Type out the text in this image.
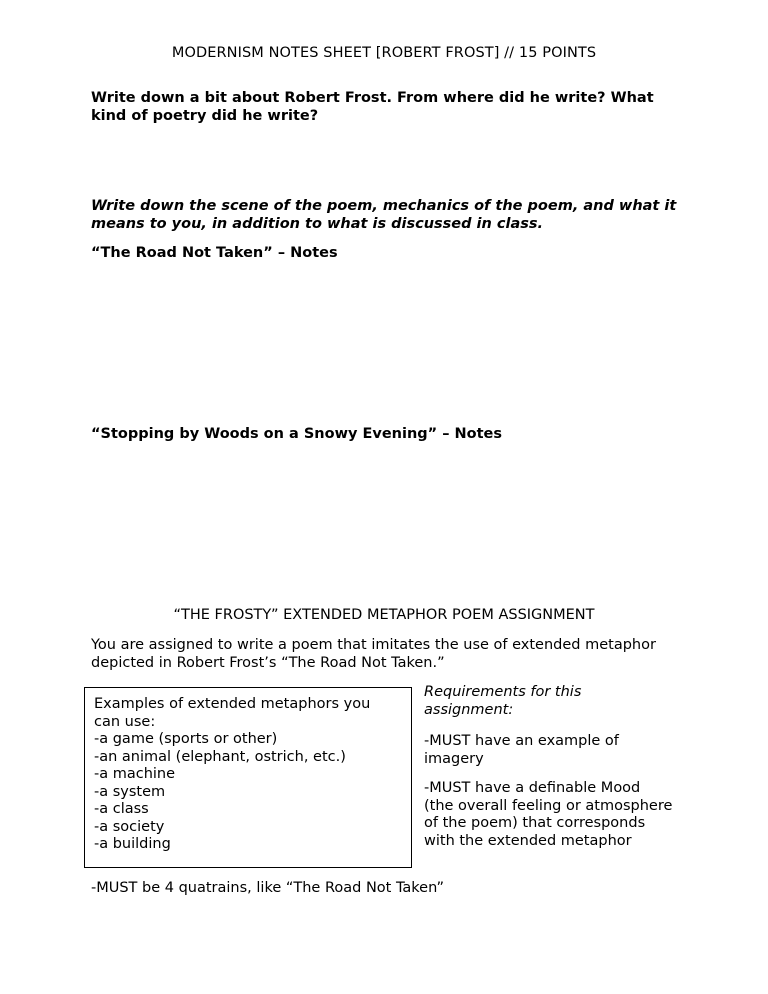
MODERNISM NOTES SHEET [ROBERT FROST] // 15 POINTS
Write down a bit about Robert Frost. From where did he write? What kind of poetry did he write?
Write down the scene of the poem, mechanics of the poem, and what it means to you, in addition to what is discussed in class.
“The Road Not Taken” – Notes
“Stopping by Woods on a Snowy Evening” – Notes
“THE FROSTY” EXTENDED METAPHOR POEM ASSIGNMENT
You are assigned to write a poem that imitates the use of extended metaphor depicted in Robert Frost’s “The Road Not Taken.”
Examples of extended metaphors you
can use:
-a game (sports or other)
-an animal (elephant, ostrich, etc.)
-a machine
-a system
-a class
-a society
-a building
Requirements for this assignment:
-MUST have an example of imagery
-MUST have a definable Mood (the overall feeling or atmosphere of the poem) that corresponds with the extended metaphor
-MUST be 4 quatrains, like “The Road Not Taken”
